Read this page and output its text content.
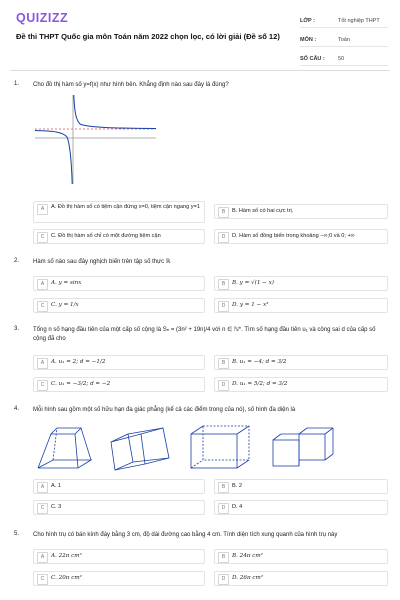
QUIZIZZ
Đề thi THPT Quốc gia môn Toán năm 2022 chọn lọc, có lời giải (Đề số 12)
LỚP :	Tốt nghiệp THPT
MÔN :	Toán
SỐ CÂU :	50
1. Cho đồ thị hàm số y=f(x) như hình bên. Khẳng định nào sau đây là đúng?
A	A. Đồ thị hàm số có tiệm cận đứng x=0, tiệm cận ngang y=1
B	B. Hàm số có hai cực trị.
C	C. Đồ thị hàm số chỉ có một đường tiệm cận	D	D. Hàm số đồng biến trong khoảng −∞;0 và 0; +∞
2. Hàm số nào sau đây nghịch biến trên tập số thực ℝ
A	A. y = sinx	B	B. y = √(1 − x)
C	C. y = 1/x	D	D. y = 1 − x³
3. Tổng n số hạng đầu tiên của một cấp số cộng là Sₙ = (3n² + 19n)/4 với n ∈ ℕ*. Tìm số hạng đầu tiên u₁ và công sai d của cấp số cộng đã cho
A	A. u₁ = 2; d = −1/2	B	B. u₁ = −4; d = 3/2
C	C. u₁ = −3/2; d = −2	D	D. u₁ = 5/2; d = 3/2
4. Mỗi hình sau gồm một số hữu hạn đa giác phẳng (kể cả các điểm trong của nó), số hình đa diện là
A	A. 1	B	B. 2
C	C. 3	D	D. 4
5. Cho hình trụ có bán kính đáy bằng 3 cm, độ dài đường cao bằng 4 cm. Tính diện tích xung quanh của hình trụ này
A	A. 22π cm²	B	B. 24π cm²
C	C. 20π cm²	D	D. 26π cm²
